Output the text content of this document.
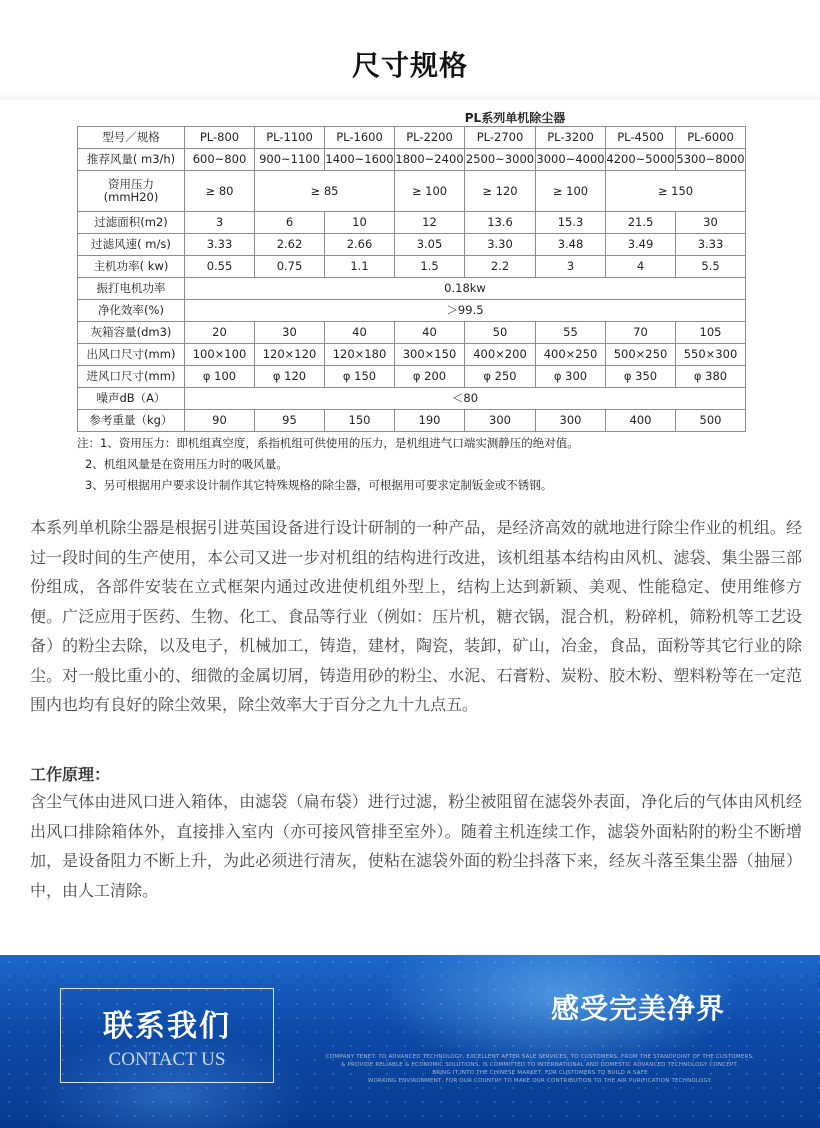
尺寸规格
PL系列单机除尘器
型号／规格	PL-800	PL-1100	PL-1600	PL-2200	PL-2700	PL-3200	PL-4500	PL-6000
推荐风量( m3/h)	600~800	900~1100	1400~1600	1800~2400	2500~3000	3000~4000	4200~5000	5300~8000
资用压力
(mmH20)	≥ 80	≥ 85		≥ 100	≥ 120	≥ 100	≥ 150	
过滤面积(m2)	3	6	10	12	13.6	15.3	21.5	30
过滤风速( m/s)	3.33	2.62	2.66	3.05	3.30	3.48	3.49	3.33
主机功率( kw)	0.55	0.75	1.1	1.5	2.2	3	4	5.5
振打电机功率	0.18kw							
净化效率(%)	＞99.5							
灰箱容量(dm3)	20	30	40	40	50	55	70	105
出风口尺寸(mm)	100×100	120×120	120×180	300×150	400×200	400×250	500×250	550×300
进风口尺寸(mm)	φ 100	φ 120	φ 150	φ 200	φ 250	φ 300	φ 350	φ 380
噪声dB（A）	＜80							
参考重量（kg）	90	95	150	190	300	300	400	500
注：1、资用压力：即机组真空度，系指机组可供使用的压力，是机组进气口端实测静压的绝对值。
2、机组风量是在资用压力时的吸风量。
3、另可根据用户要求设计制作其它特殊规格的除尘器，可根据用可要求定制钣金或不锈钢。
本系列单机除尘器是根据引进英国设备进行设计研制的一种产品，是经济高效的就地进行除尘作业的机组。经过一段时间的生产使用，本公司又进一步对机组的结构进行改进，该机组基本结构由风机、滤袋、集尘器三部份组成，各部件安装在立式框架内通过改进使机组外型上，结构上达到新颖、美观、性能稳定、使用维修方便。广泛应用于医药、生物、化工、食品等行业（例如：压片机，糖衣锅，混合机，粉碎机，筛粉机等工艺设备）的粉尘去除，以及电子，机械加工，铸造，建材，陶瓷，装卸，矿山，冶金，食品，面粉等其它行业的除尘。对一般比重小的、细微的金属切屑，铸造用砂的粉尘、水泥、石膏粉、炭粉、胶木粉、塑料粉等在一定范围内也均有良好的除尘效果，除尘效率大于百分之九十九点五。
工作原理：
含尘气体由进风口进入箱体，由滤袋（扁布袋）进行过滤，粉尘被阻留在滤袋外表面，净化后的气体由风机经出风口排除箱体外，直接排入室内（亦可接风管排至室外）。随着主机连续工作，滤袋外面粘附的粉尘不断增加，是设备阻力不断上升，为此必须进行清灰，使粘在滤袋外面的粉尘抖落下来，经灰斗落至集尘器（抽屉）中，由人工清除。
联系我们
CONTACT US
感受完美净界
COMPANY TENET: TO ADVANCED TECHNOLOGY, EXCELLENT AFTER SALE SERVICES, TO CUSTOMERS, FROM THE STANDPOINT OF THE CUSTOMERS,
& PROVIDE RELIABLE & ECONOMIC SOLUTIONS, IS COMMITTED TO INTERNATIONAL AND DOMESTIC ADVANCED TECHNOLOGY CONCEPT,
BRING IT INTO THE CHINESE MARKET, FOR CUSTOMERS TO BUILD A SAFE
WORKING ENVIRONMENT, FOR OUR COUNTRY TO MAKE OUR CONTRIBUTION TO THE AIR PURIFICATION TECHNOLOGY.
